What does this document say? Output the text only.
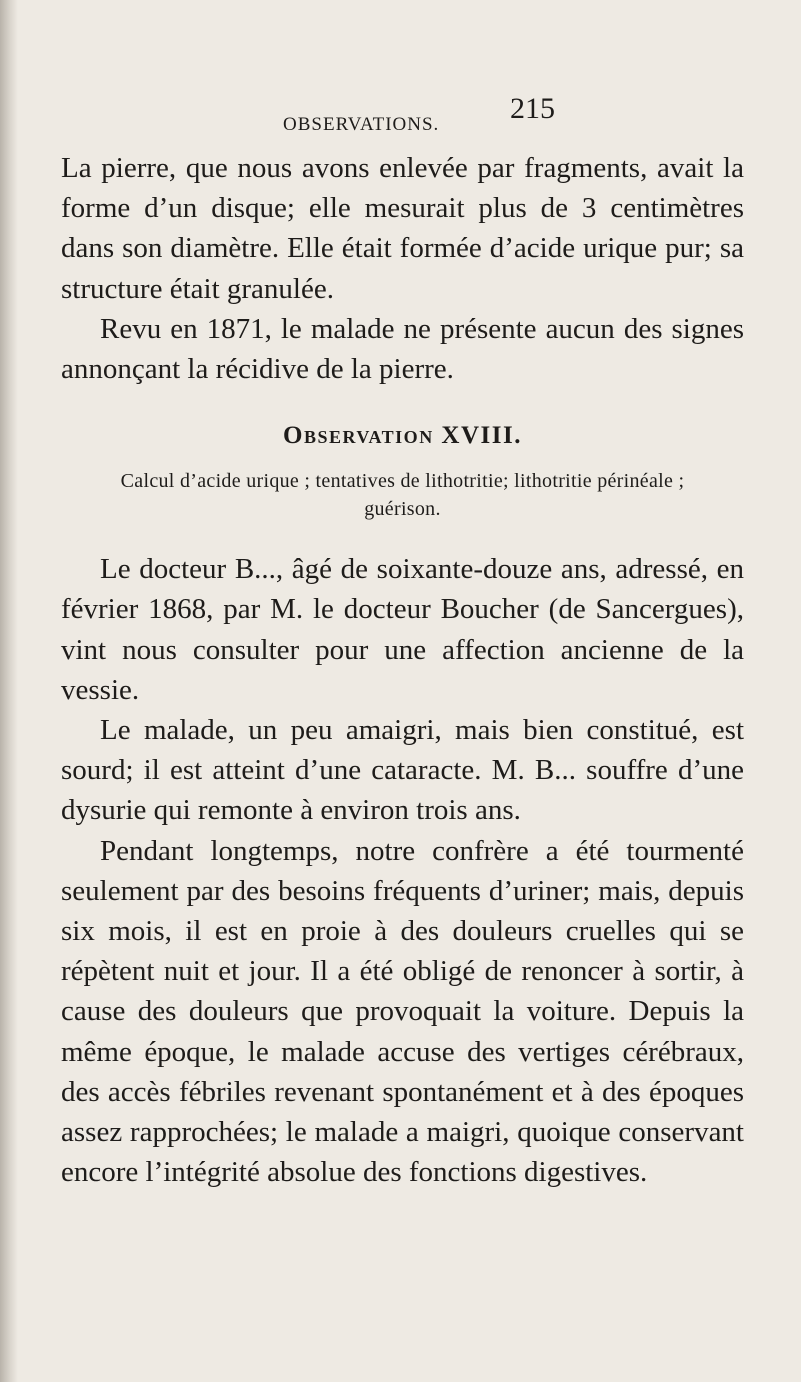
OBSERVATIONS. 215

La pierre, que nous avons enlevée par fragments, avait la forme d’un disque; elle mesurait plus de 3 centimètres dans son diamètre. Elle était formée d’acide urique pur; sa structure était granulée.

Revu en 1871, le malade ne présente aucun des signes annonçant la récidive de la pierre.

Observation XVIII.

Calcul d’acide urique ; tentatives de lithotritie; lithotritie périnéale ; guérison.

Le docteur B..., âgé de soixante-douze ans, adressé, en février 1868, par M. le docteur Boucher (de Sancergues), vint nous consulter pour une affection ancienne de la vessie.

Le malade, un peu amaigri, mais bien constitué, est sourd; il est atteint d’une cataracte. M. B... souffre d’une dysurie qui remonte à environ trois ans.

Pendant longtemps, notre confrère a été tourmenté seulement par des besoins fréquents d’uriner; mais, depuis six mois, il est en proie à des douleurs cruelles qui se répètent nuit et jour. Il a été obligé de renoncer à sortir, à cause des douleurs que provoquait la voiture. Depuis la même époque, le malade accuse des vertiges cérébraux, des accès fébriles revenant spontanément et à des époques assez rapprochées; le malade a maigri, quoique conservant encore l’intégrité absolue des fonctions digestives.
